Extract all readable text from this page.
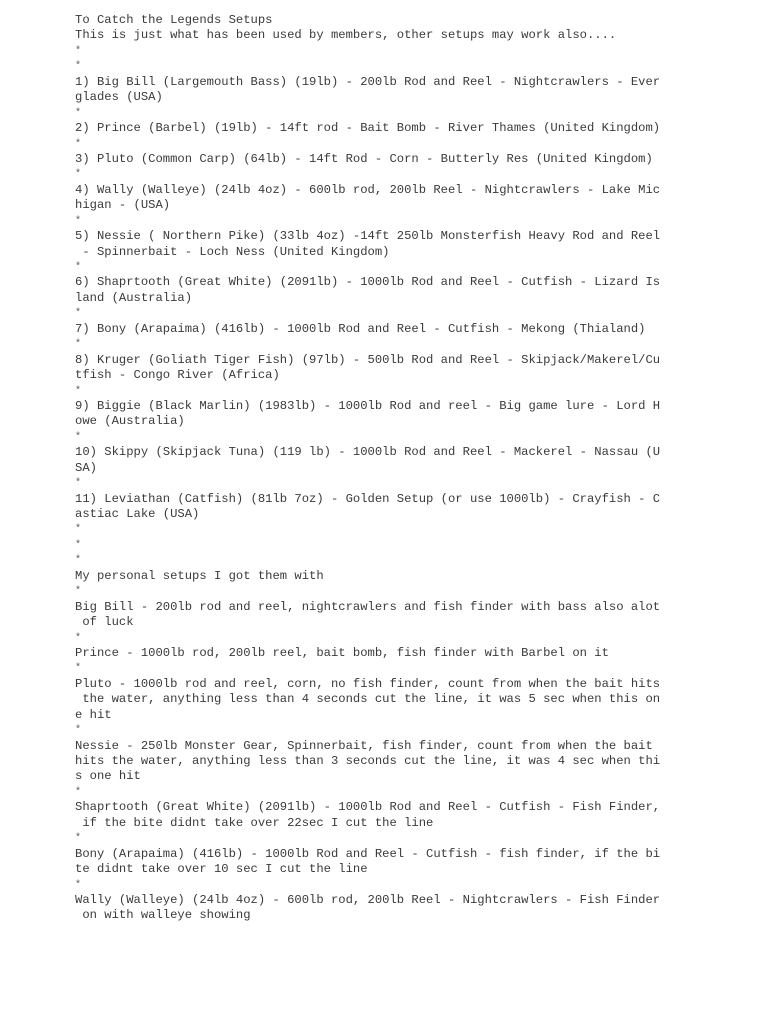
To Catch the Legends Setups
This is just what has been used by members, other setups may work also....
*
*
1) Big Bill (Largemouth Bass) (19lb) - 200lb Rod and Reel - Nightcrawlers - Ever
glades (USA)
*
2) Prince (Barbel) (19lb) - 14ft rod - Bait Bomb - River Thames (United Kingdom)
*
3) Pluto (Common Carp) (64lb) - 14ft Rod - Corn - Butterly Res (United Kingdom)
*
4) Wally (Walleye) (24lb 4oz) - 600lb rod, 200lb Reel - Nightcrawlers - Lake Mic
higan - (USA)
*
5) Nessie ( Northern Pike) (33lb 4oz) -14ft 250lb Monsterfish Heavy Rod and Reel
- Spinnerbait - Loch Ness (United Kingdom)
*
6) Shaprtooth (Great White) (2091lb) - 1000lb Rod and Reel - Cutfish - Lizard Is
land (Australia)
*
7) Bony (Arapaima) (416lb) - 1000lb Rod and Reel - Cutfish - Mekong (Thialand)
*
8) Kruger (Goliath Tiger Fish) (97lb) - 500lb Rod and Reel - Skipjack/Makerel/Cu
tfish - Congo River (Africa)
*
9) Biggie (Black Marlin) (1983lb) - 1000lb Rod and reel - Big game lure - Lord H
owe (Australia)
*
10) Skippy (Skipjack Tuna) (119 lb) - 1000lb Rod and Reel - Mackerel - Nassau (U
SA)
*
11) Leviathan (Catfish) (81lb 7oz) - Golden Setup (or use 1000lb) - Crayfish - C
astiac Lake (USA)
*
*
*
My personal setups I got them with
*
Big Bill - 200lb rod and reel, nightcrawlers and fish finder with bass also alot
of luck
*
Prince - 1000lb rod, 200lb reel, bait bomb, fish finder with Barbel on it
*
Pluto - 1000lb rod and reel, corn, no fish finder, count from when the bait hits
the water, anything less than 4 seconds cut the line, it was 5 sec when this on
e hit
*
Nessie - 250lb Monster Gear, Spinnerbait, fish finder, count from when the bait
hits the water, anything less than 3 seconds cut the line, it was 4 sec when thi
s one hit
*
Shaprtooth (Great White) (2091lb) - 1000lb Rod and Reel - Cutfish - Fish Finder,
if the bite didnt take over 22sec I cut the line
*
Bony (Arapaima) (416lb) - 1000lb Rod and Reel - Cutfish - fish finder, if the bi
te didnt take over 10 sec I cut the line
*
Wally (Walleye) (24lb 4oz) - 600lb rod, 200lb Reel - Nightcrawlers - Fish Finder
on with walleye showing
